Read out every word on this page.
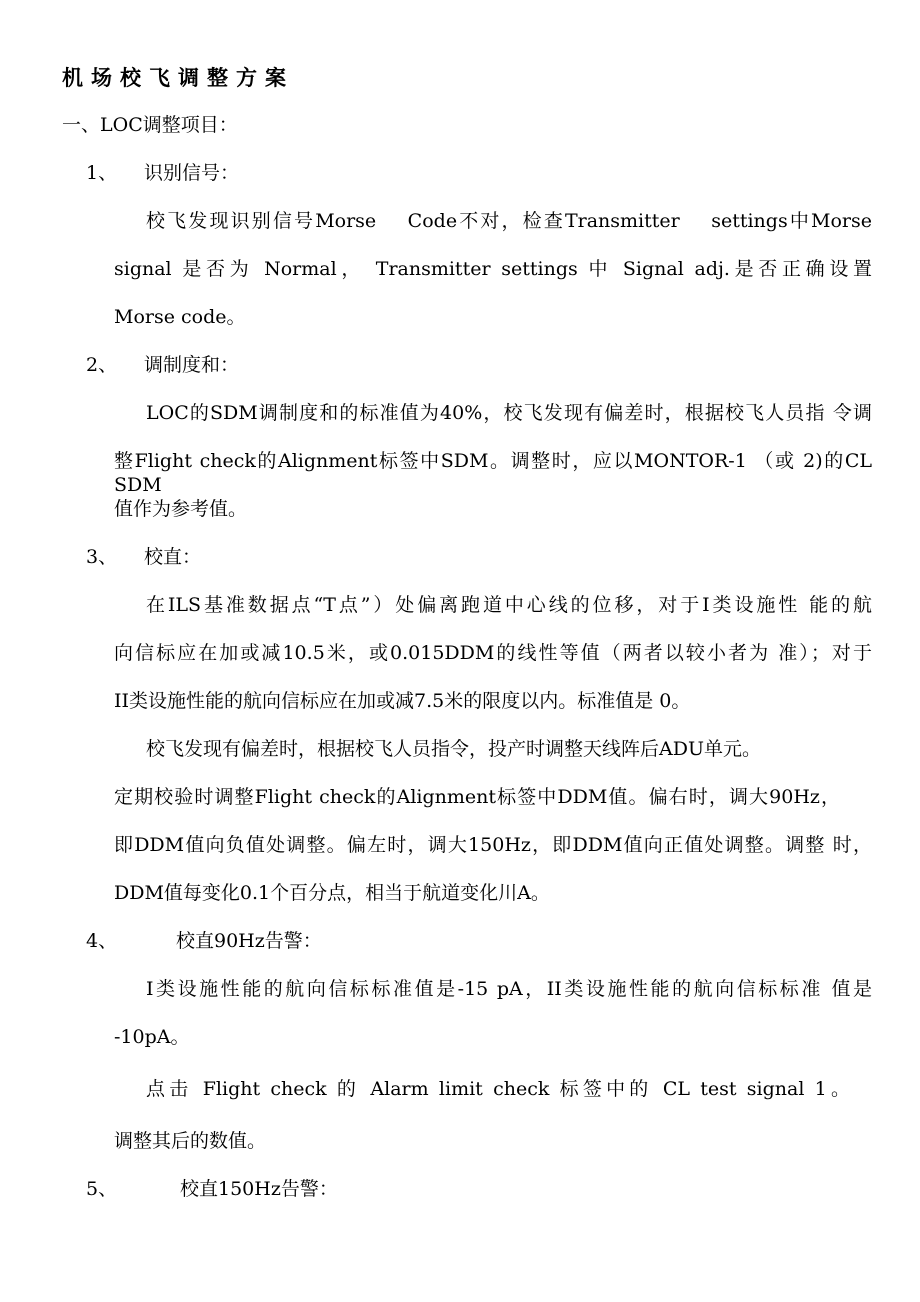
机场校飞调整方案

一、LOC调整项目：

1、 识别信号：

校飞发现识别信号Morse　 Code不对，检查Transmitter　 settings中Morse

signal 是否为 Normal， Transmitter settings 中 Signal adj.是否正确设置

Morse code。

2、 调制度和：

LOC的SDM调制度和的标准值为40%，校飞发现有偏差时，根据校飞人员指 令调

整Flight check的Alignment标签中SDM。调整时，应以MONTOR-1 （或 2)的CL SDM

值作为参考值。

3、 校直：

在ILS基准数据点“T点”）处偏离跑道中心线的位移，对于I类设施性 能的航

向信标应在加或减10.5米，或0.015DDM的线性等值（两者以较小者为 准）；对于

II类设施性能的航向信标应在加或减7.5米的限度以内。标准值是 0。

校飞发现有偏差时，根据校飞人员指令，投产时调整天线阵后ADU单元。

定期校验时调整Flight check的Alignment标签中DDM值。偏右时，调大90Hz，

即DDM值向负值处调整。偏左时，调大150Hz，即DDM值向正值处调整。调整 时，

DDM值每变化0.1个百分点，相当于航道变化川A。

4、	校直90Hz告警：

I类设施性能的航向信标标准值是-15 pA，II类设施性能的航向信标标准 值是

-10pA。

点击 Flight check 的 Alarm limit check 标签中的 CL test signal 1。

调整其后的数值。

5、	校直150Hz告警：
